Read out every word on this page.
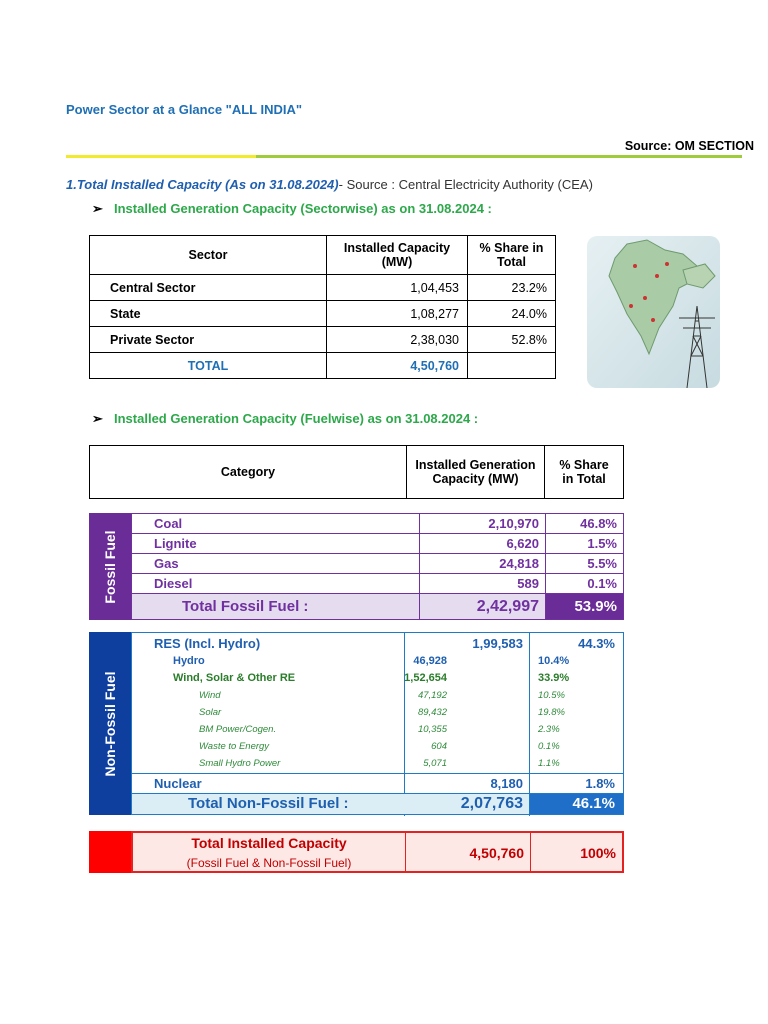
Power Sector at a Glance "ALL INDIA"
Source: OM SECTION
1.Total Installed Capacity (As on 31.08.2024)- Source : Central Electricity Authority (CEA)
➢ Installed Generation Capacity (Sectorwise) as on 31.08.2024 :
Sector	Installed Capacity (MW)	% Share in Total
Central Sector	1,04,453	23.2%
State	1,08,277	24.0%
Private Sector	2,38,030	52.8%
TOTAL	4,50,760	
➢ Installed Generation Capacity (Fuelwise) as on 31.08.2024 :
Category	Installed Generation Capacity (MW)	% Share in Total
Fossil Fuel
Coal	2,10,970	46.8%
Lignite	6,620	1.5%
Gas	24,818	5.5%
Diesel	589	0.1%
Total Fossil Fuel :	2,42,997	53.9%
Non-Fossil Fuel
RES (Incl. Hydro)	1,99,583	44.3%
Hydro	46,928	10.4%
Wind, Solar & Other RE	1,52,654	33.9%
Wind	47,192	10.5%
Solar	89,432	19.8%
BM Power/Cogen.	10,355	2.3%
Waste to Energy	604	0.1%
Small Hydro Power	5,071	1.1%
Nuclear	8,180	1.8%
Total Non-Fossil Fuel :	2,07,763	46.1%
Total Installed Capacity
(Fossil Fuel & Non-Fossil Fuel)
4,50,760	100%
